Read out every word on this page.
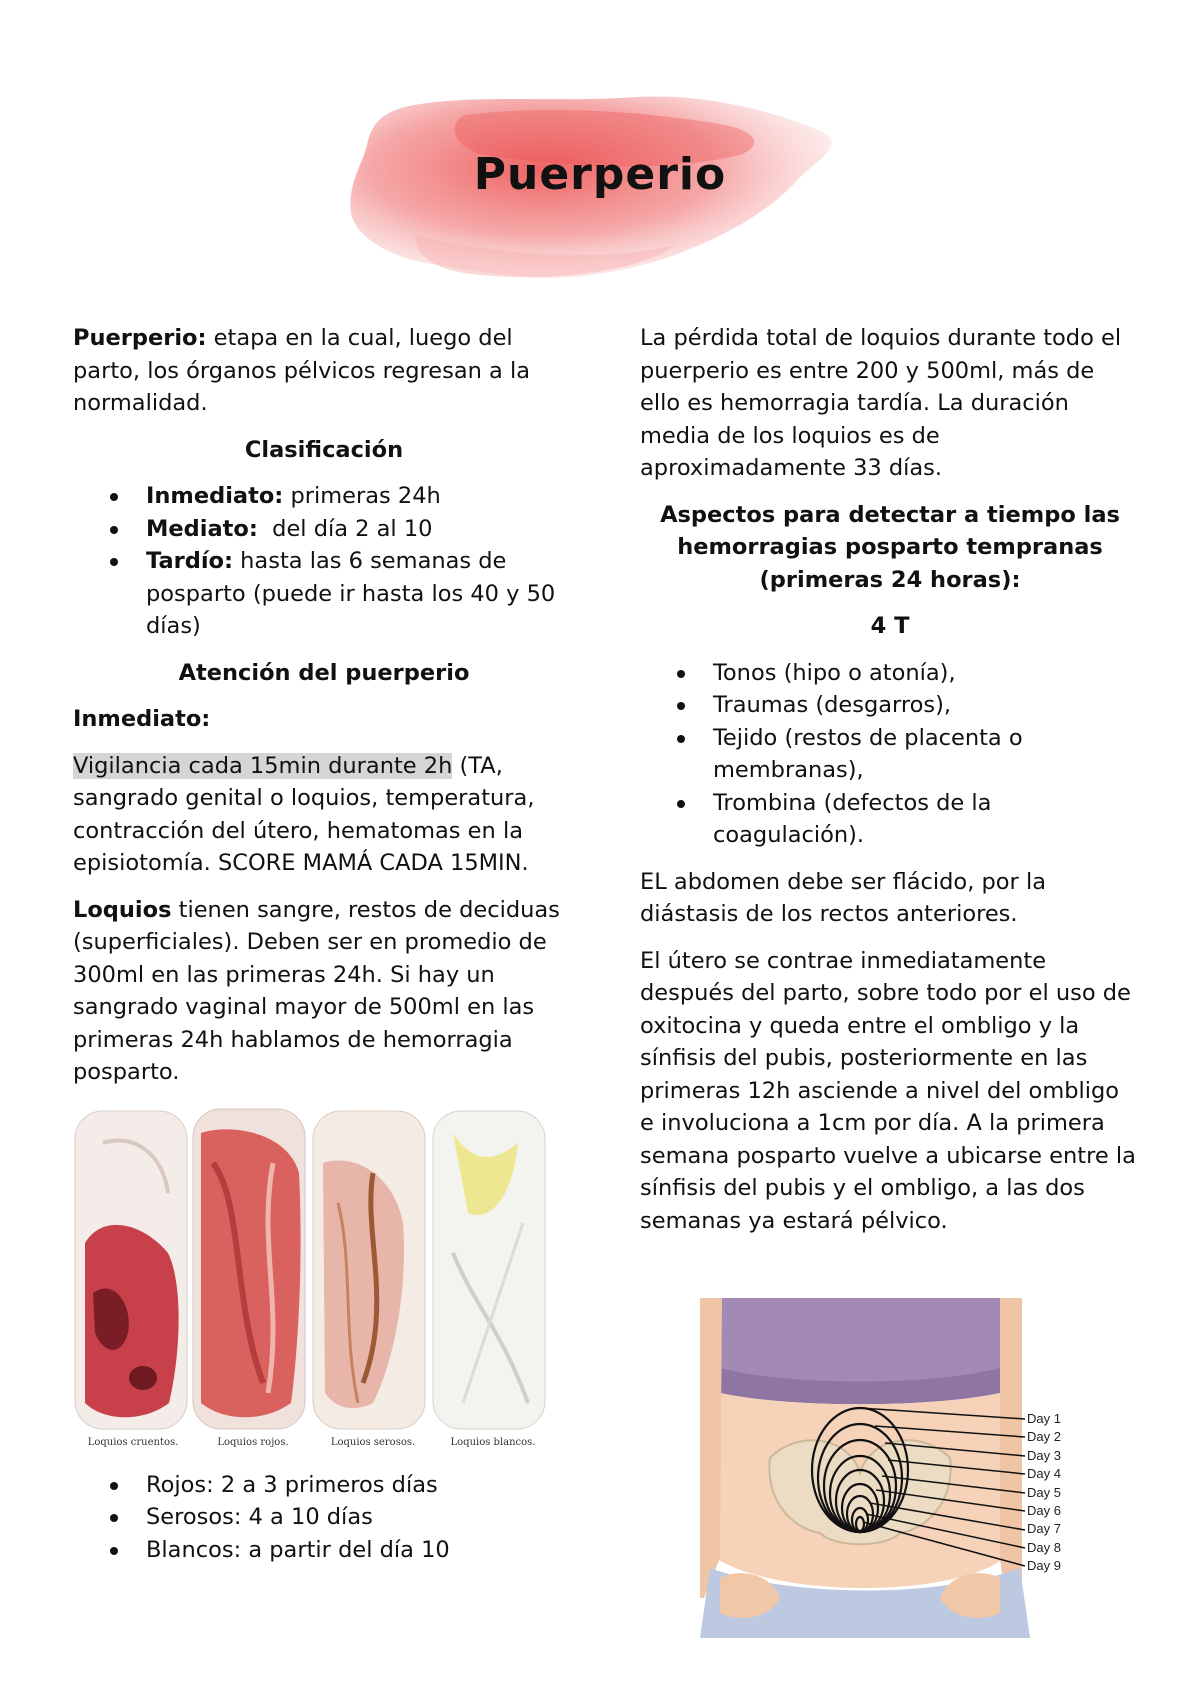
Puerperio

Puerperio: etapa en la cual, luego del parto, los órganos pélvicos regresan a la normalidad.

Clasificación
Inmediato: primeras 24h
Mediato:  del día 2 al 10
Tardío: hasta las 6 semanas de posparto (puede ir hasta los 40 y 50 días)
Atención del puerperio

Inmediato:

Vigilancia cada 15min durante 2h (TA, sangrado genital o loquios, temperatura, contracción del útero, hematomas en la episiotomía. SCORE MAMÁ CADA 15MIN.

Loquios tienen sangre, restos de deciduas (superficiales). Deben ser en promedio de 300ml en las primeras 24h. Si hay un sangrado vaginal mayor de 500ml en las primeras 24h hablamos de hemorragia posparto.

Loquios cruentos.	Loquios rojos.	Loquios serosos.	Loquios blancos.
Rojos: 2 a 3 primeros días
Serosos: 4 a 10 días
Blancos: a partir del día 10

La pérdida total de loquios durante todo el puerperio es entre 200 y 500ml, más de ello es hemorragia tardía. La duración media de los loquios es de aproximadamente 33 días.

Aspectos para detectar a tiempo las hemorragias posparto tempranas (primeras 24 horas):
4 T
Tonos (hipo o atonía),
Traumas (desgarros),
Tejido (restos de placenta o membranas),
Trombina (defectos de la coagulación).

EL abdomen debe ser flácido, por la diástasis de los rectos anteriores.

El útero se contrae inmediatamente después del parto, sobre todo por el uso de oxitocina y queda entre el ombligo y la sínfisis del pubis, posteriormente en las primeras 12h asciende a nivel del ombligo e involuciona a 1cm por día. A la primera semana posparto vuelve a ubicarse entre la sínfisis del pubis y el ombligo, a las dos semanas ya estará pélvico.

Day 1
Day 2
Day 3
Day 4
Day 5
Day 6
Day 7
Day 8
Day 9
